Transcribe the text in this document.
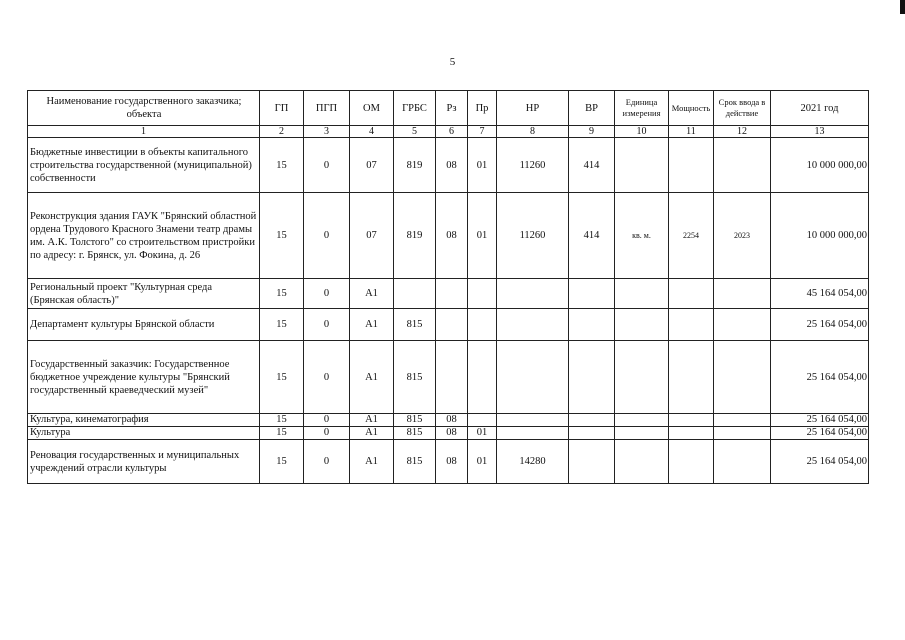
5
Наименование государственного заказчика; объекта	ГП	ПГП	ОМ	ГРБС	Рз	Пр	НР	ВР	Единица измерения	Мощность	Срок ввода в действие	2021 год
1	2	3	4	5	6	7	8	9	10	11	12	13
Бюджетные инвестиции в объекты капитального строительства государственной (муниципальной) собственности	15	0	07	819	08	01	11260	414				10 000 000,00
Реконструкция здания ГАУК "Брянский областной ордена Трудового Красного Знамени театр драмы им. А.К. Толстого" со строительством пристройки по адресу: г. Брянск, ул. Фокина, д. 26	15	0	07	819	08	01	11260	414	кв. м.	2254	2023	10 000 000,00
Региональный проект "Культурная среда (Брянская область)"	15	0	A1									45 164 054,00
Департамент культуры Брянской области	15	0	A1	815								25 164 054,00
Государственный заказчик: Государственное бюджетное учреждение культуры "Брянский государственный краеведческий музей"	15	0	A1	815								25 164 054,00
Культура, кинематография	15	0	A1	815	08							25 164 054,00
Культура	15	0	A1	815	08	01						25 164 054,00
Реновация государственных и муниципальных учреждений отрасли культуры	15	0	A1	815	08	01	14280					25 164 054,00
